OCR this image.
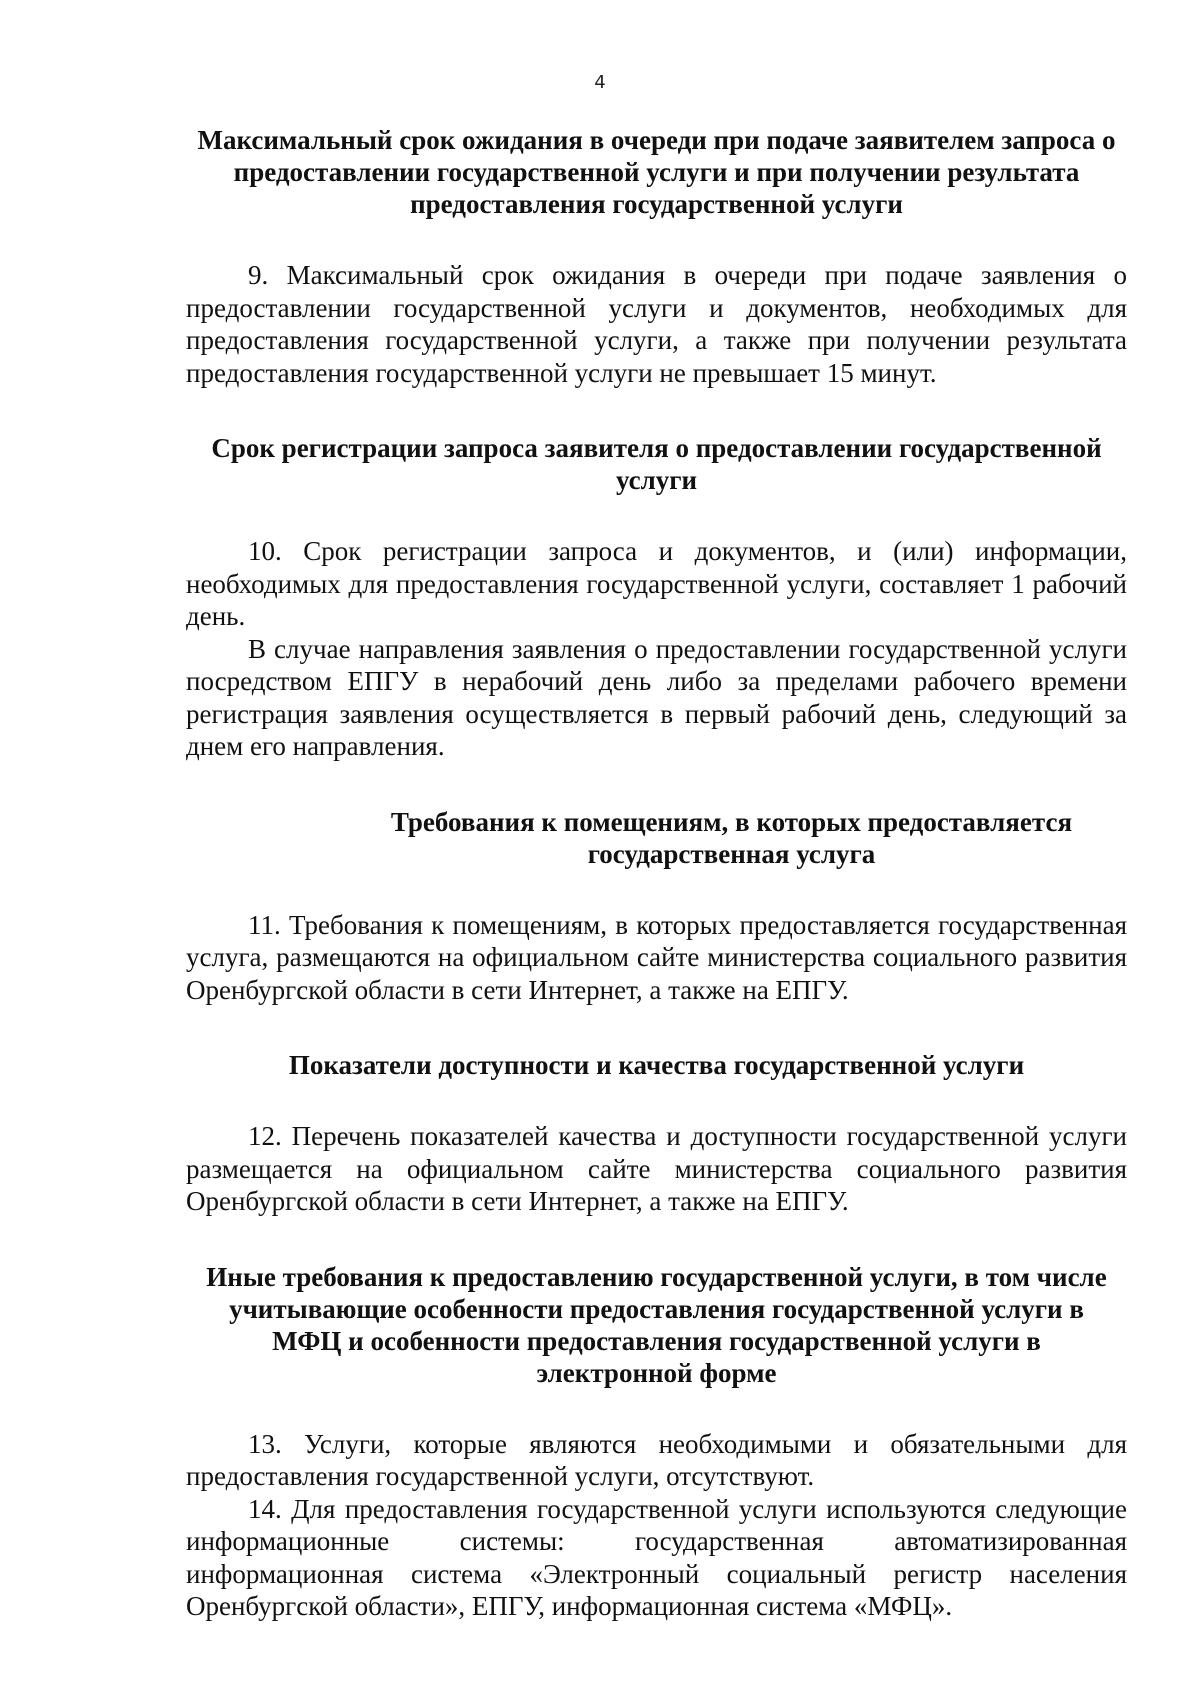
4
Максимальный срок ожидания в очереди при подаче заявителем запроса о предоставлении государственной услуги и при получении результата предоставления государственной услуги

9. Максимальный срок ожидания в очереди при подаче заявления о предоставлении государственной услуги и документов, необходимых для предоставления государственной услуги, а также при получении результата предоставления государственной услуги не превышает 15 минут.

Срок регистрации запроса заявителя о предоставлении государственной услуги

10. Срок регистрации запроса и документов, и (или) информации, необходимых для предоставления государственной услуги, составляет 1 рабочий день.

В случае направления заявления о предоставлении государственной услуги посредством ЕПГУ в нерабочий день либо за пределами рабочего времени регистрация заявления осуществляется в первый рабочий день, следующий за днем его направления.

Требования к помещениям, в которых предоставляется государственная услуга

11. Требования к помещениям, в которых предоставляется государственная услуга, размещаются на официальном сайте министерства социального развития Оренбургской области в сети Интернет, а также на ЕПГУ.

Показатели доступности и качества государственной услуги

12. Перечень показателей качества и доступности государственной услуги размещается на официальном сайте министерства социального развития Оренбургской области в сети Интернет, а также на ЕПГУ.

Иные требования к предоставлению государственной услуги, в том числе учитывающие особенности предоставления государственной услуги в МФЦ и особенности предоставления государственной услуги в электронной форме

13. Услуги, которые являются необходимыми и обязательными для предоставления государственной услуги, отсутствуют.

14. Для предоставления государственной услуги используются следующие информационные системы: государственная автоматизированная информационная система «Электронный социальный регистр населения Оренбургской области», ЕПГУ, информационная система «МФЦ».
